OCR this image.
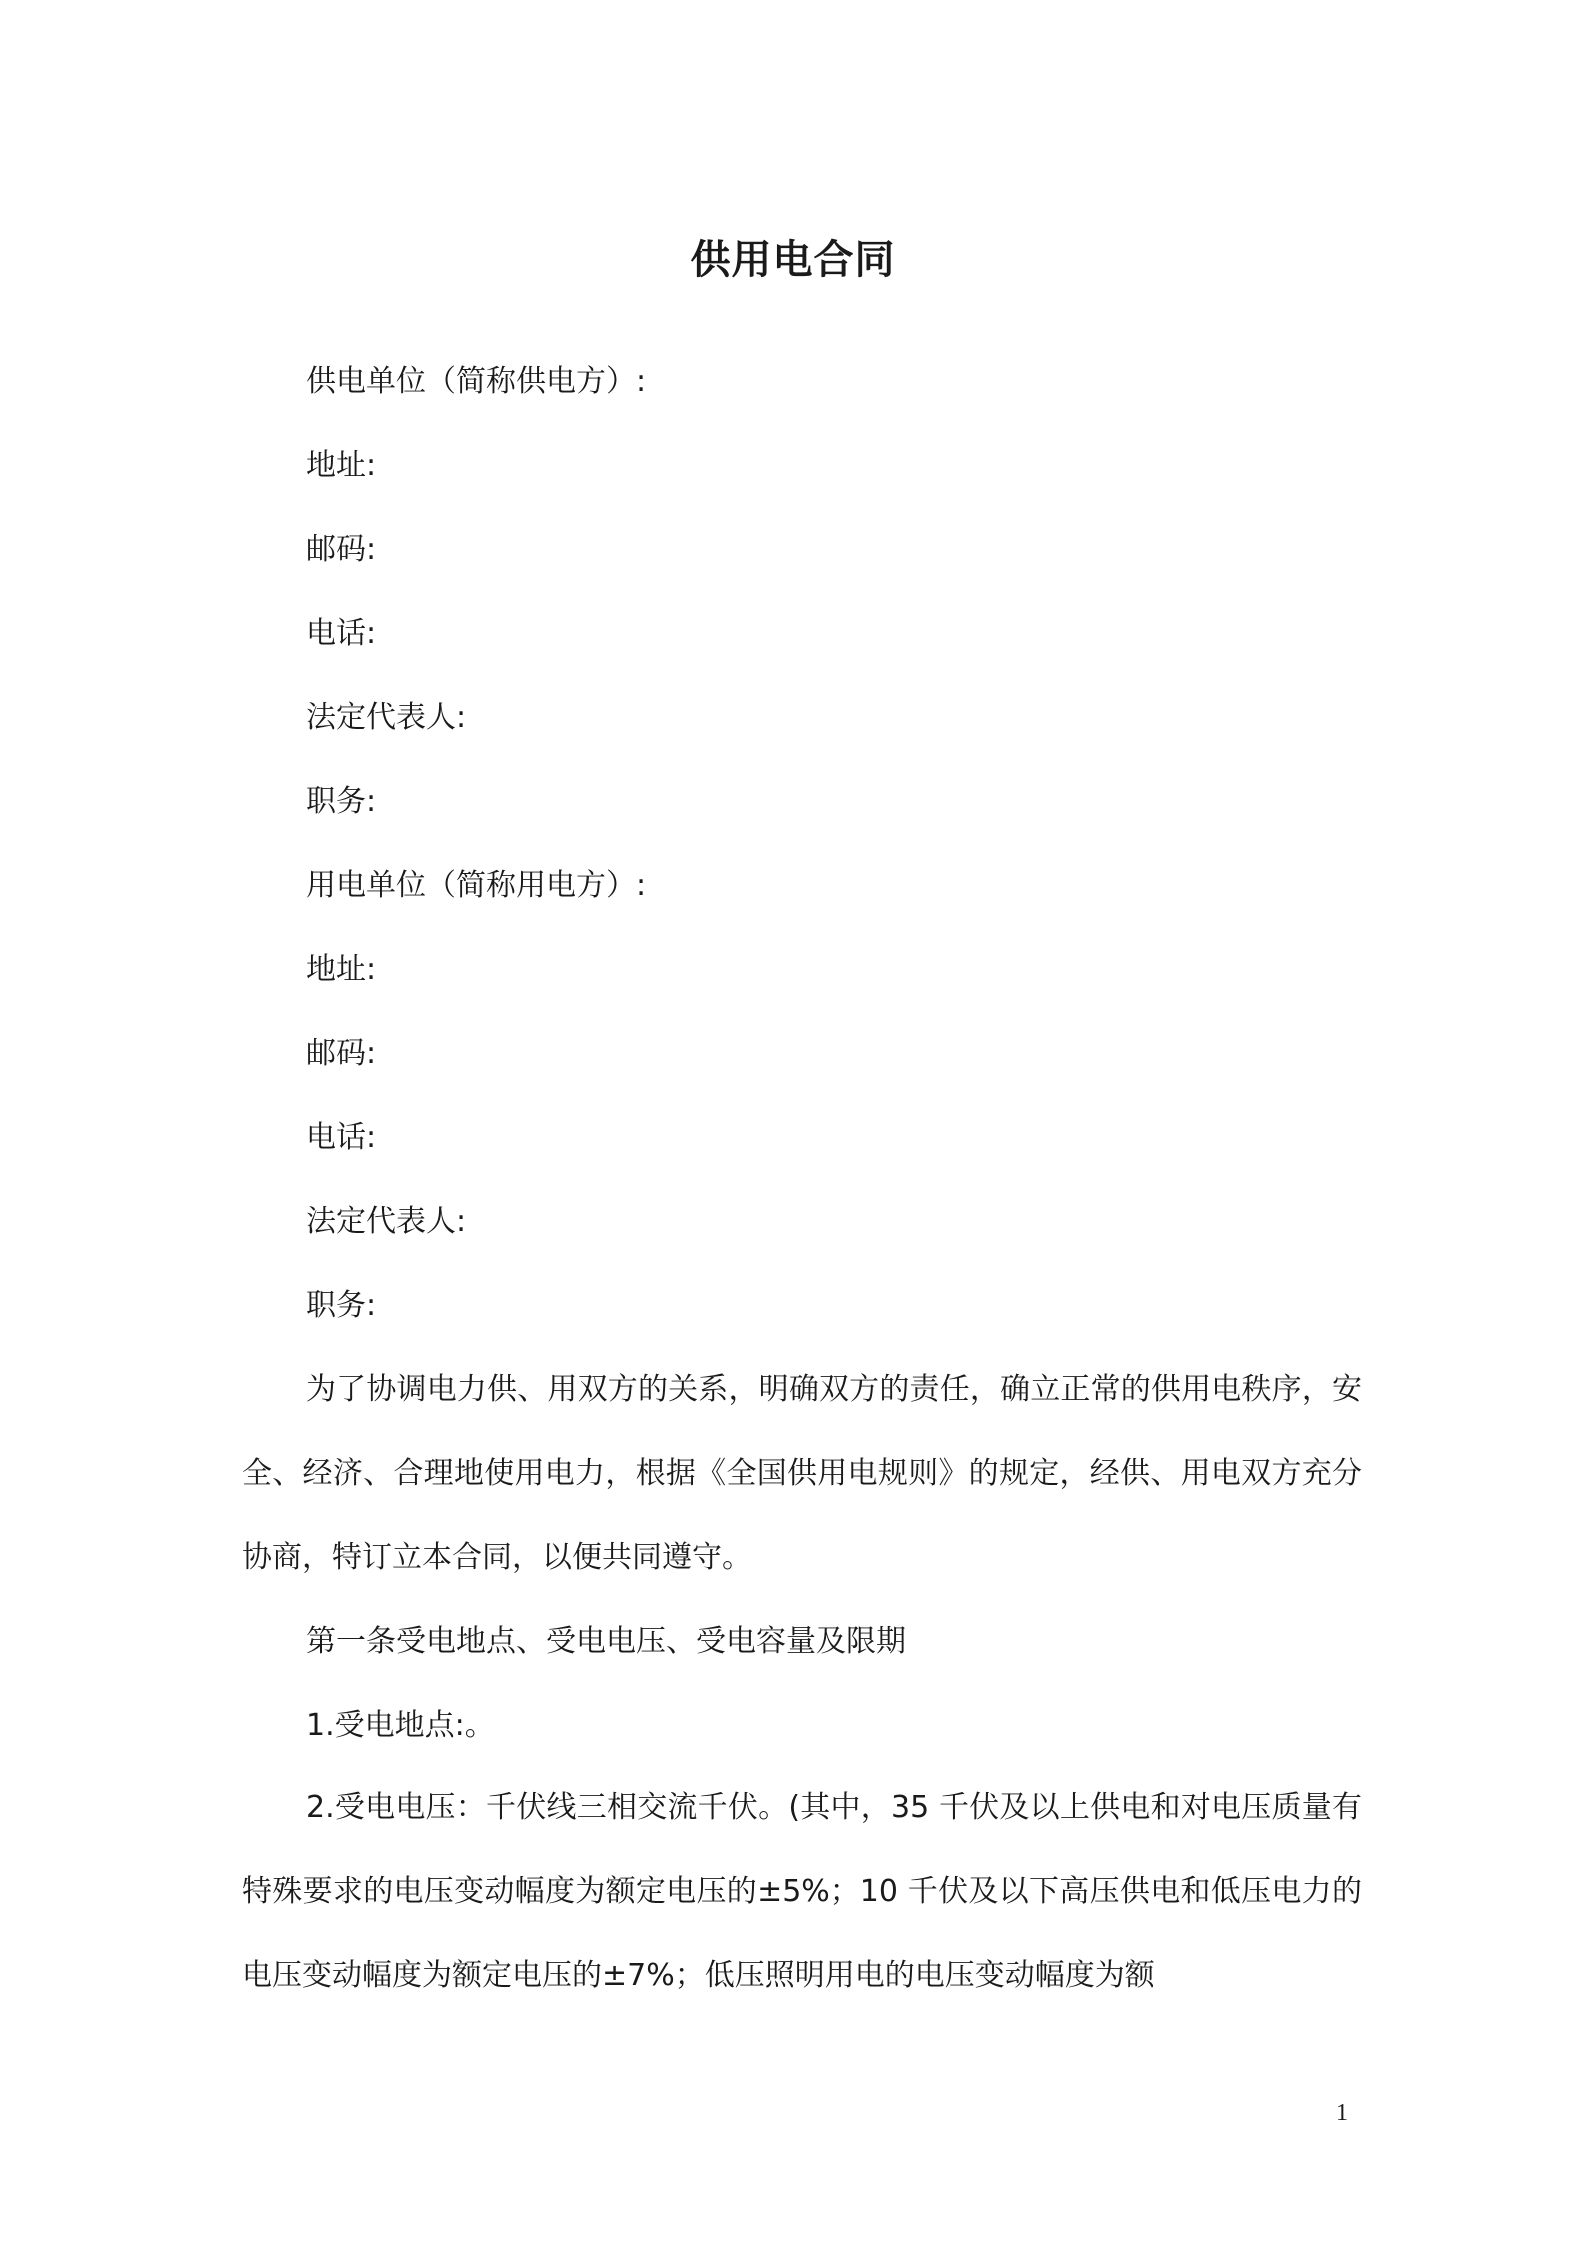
供用电合同
供电单位（简称供电方）:
地址:
邮码:
电话:
法定代表人:
职务:
用电单位（简称用电方）:
地址:
邮码:
电话:
法定代表人:
职务:
为了协调电力供、用双方的关系，明确双方的责任，确立正常的供用电秩序，安全、经济、合理地使用电力，根据《全国供用电规则》的规定，经供、用电双方充分协商，特订立本合同，以便共同遵守。
第一条受电地点、受电电压、受电容量及限期
1.受电地点:。
2.受电电压：千伏线三相交流千伏。(其中，35 千伏及以上供电和对电压质量有特殊要求的电压变动幅度为额定电压的±5%；10 千伏及以下高压供电和低压电力的电压变动幅度为额定电压的±7%；低压照明用电的电压变动幅度为额
1
